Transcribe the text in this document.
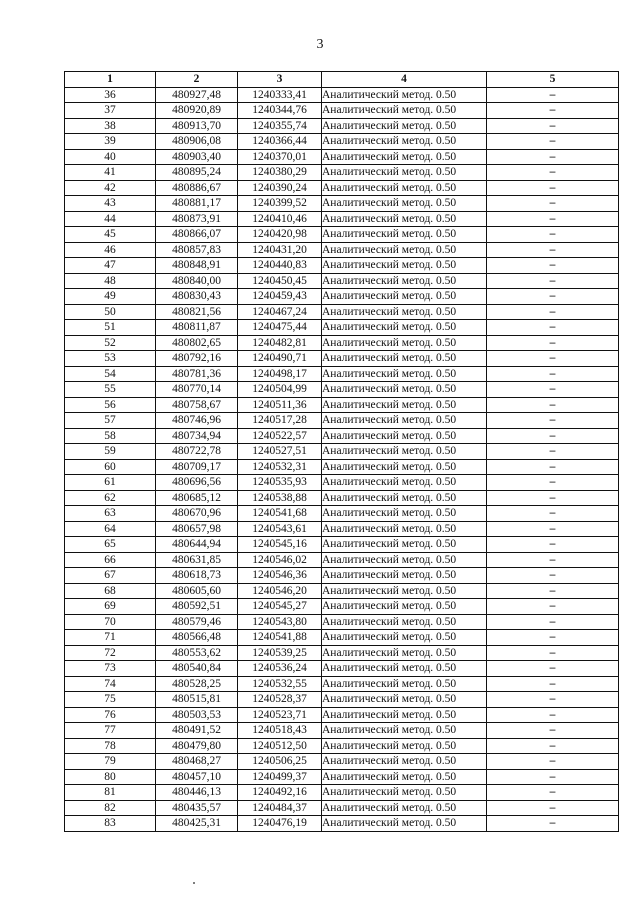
3
1	2	3	4	5
36	480927,48	1240333,41	Аналитический метод. 0.50	–
37	480920,89	1240344,76	Аналитический метод. 0.50	–
38	480913,70	1240355,74	Аналитический метод. 0.50	–
39	480906,08	1240366,44	Аналитический метод. 0.50	–
40	480903,40	1240370,01	Аналитический метод. 0.50	–
41	480895,24	1240380,29	Аналитический метод. 0.50	–
42	480886,67	1240390,24	Аналитический метод. 0.50	–
43	480881,17	1240399,52	Аналитический метод. 0.50	–
44	480873,91	1240410,46	Аналитический метод. 0.50	–
45	480866,07	1240420,98	Аналитический метод. 0.50	–
46	480857,83	1240431,20	Аналитический метод. 0.50	–
47	480848,91	1240440,83	Аналитический метод. 0.50	–
48	480840,00	1240450,45	Аналитический метод. 0.50	–
49	480830,43	1240459,43	Аналитический метод. 0.50	–
50	480821,56	1240467,24	Аналитический метод. 0.50	–
51	480811,87	1240475,44	Аналитический метод. 0.50	–
52	480802,65	1240482,81	Аналитический метод. 0.50	–
53	480792,16	1240490,71	Аналитический метод. 0.50	–
54	480781,36	1240498,17	Аналитический метод. 0.50	–
55	480770,14	1240504,99	Аналитический метод. 0.50	–
56	480758,67	1240511,36	Аналитический метод. 0.50	–
57	480746,96	1240517,28	Аналитический метод. 0.50	–
58	480734,94	1240522,57	Аналитический метод. 0.50	–
59	480722,78	1240527,51	Аналитический метод. 0.50	–
60	480709,17	1240532,31	Аналитический метод. 0.50	–
61	480696,56	1240535,93	Аналитический метод. 0.50	–
62	480685,12	1240538,88	Аналитический метод. 0.50	–
63	480670,96	1240541,68	Аналитический метод. 0.50	–
64	480657,98	1240543,61	Аналитический метод. 0.50	–
65	480644,94	1240545,16	Аналитический метод. 0.50	–
66	480631,85	1240546,02	Аналитический метод. 0.50	–
67	480618,73	1240546,36	Аналитический метод. 0.50	–
68	480605,60	1240546,20	Аналитический метод. 0.50	–
69	480592,51	1240545,27	Аналитический метод. 0.50	–
70	480579,46	1240543,80	Аналитический метод. 0.50	–
71	480566,48	1240541,88	Аналитический метод. 0.50	–
72	480553,62	1240539,25	Аналитический метод. 0.50	–
73	480540,84	1240536,24	Аналитический метод. 0.50	–
74	480528,25	1240532,55	Аналитический метод. 0.50	–
75	480515,81	1240528,37	Аналитический метод. 0.50	–
76	480503,53	1240523,71	Аналитический метод. 0.50	–
77	480491,52	1240518,43	Аналитический метод. 0.50	–
78	480479,80	1240512,50	Аналитический метод. 0.50	–
79	480468,27	1240506,25	Аналитический метод. 0.50	–
80	480457,10	1240499,37	Аналитический метод. 0.50	–
81	480446,13	1240492,16	Аналитический метод. 0.50	–
82	480435,57	1240484,37	Аналитический метод. 0.50	–
83	480425,31	1240476,19	Аналитический метод. 0.50	–
